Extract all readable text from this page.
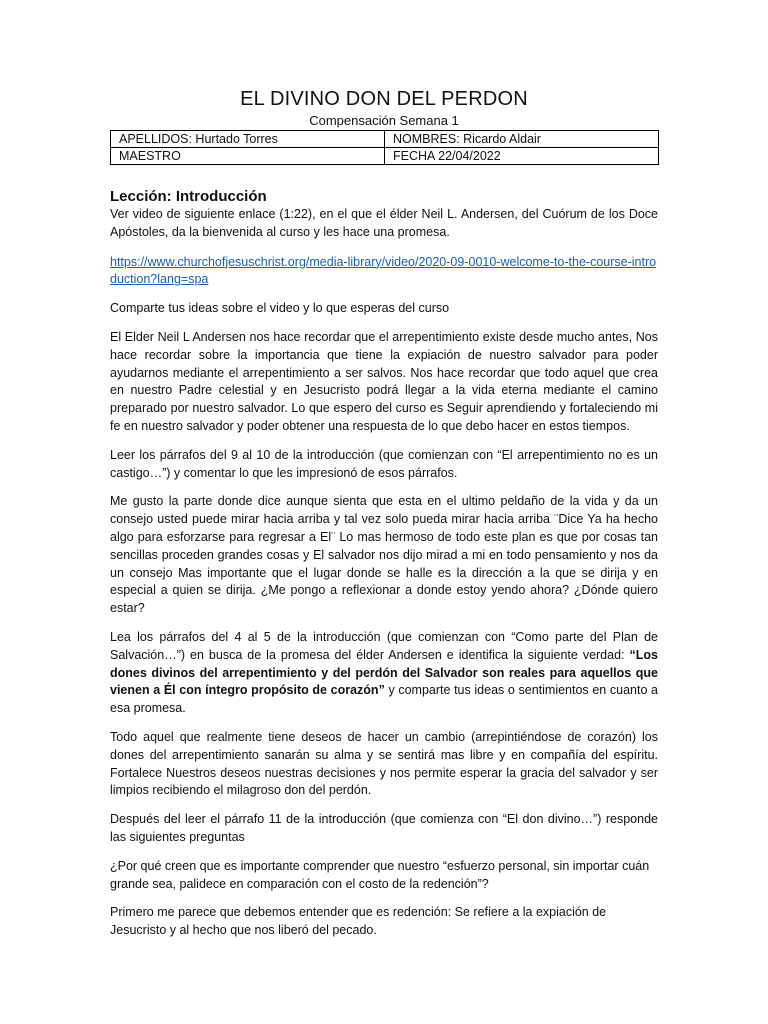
EL DIVINO DON DEL PERDON
Compensación Semana 1
APELLIDOS: Hurtado Torres	NOMBRES: Ricardo Aldair
MAESTRO	FECHA 22/04/2022
Lección: Introducción

Ver video de siguiente enlace (1:22), en el que el élder Neil L. Andersen, del Cuórum de los Doce Apóstoles, da la bienvenida al curso y les hace una promesa.

https://www.churchofjesuschrist.org/media-library/video/2020-09-0010-welcome-to-the-course-introduction?lang=spa

Comparte tus ideas sobre el video y lo que esperas del curso

El Elder Neil L Andersen nos hace recordar que el arrepentimiento existe desde mucho antes, Nos hace recordar sobre la importancia que tiene la expiación de nuestro salvador para poder ayudarnos mediante el arrepentimiento a ser salvos. Nos hace recordar que todo aquel que crea en nuestro Padre celestial y en Jesucristo podrá llegar a la vida eterna mediante el camino preparado por nuestro salvador. Lo que espero del curso es Seguir aprendiendo y fortaleciendo mi fe en nuestro salvador y poder obtener una respuesta de lo que debo hacer en estos tiempos.

Leer los párrafos del 9 al 10 de la introducción (que comienzan con “El arrepentimiento no es un castigo…”) y comentar lo que les impresionó de esos párrafos.

Me gusto la parte donde dice aunque sienta que esta en el ultimo peldaño de la vida y da un consejo usted puede mirar hacia arriba y tal vez solo pueda mirar hacia arriba ¨Dice Ya ha hecho algo para esforzarse para regresar a El¨ Lo mas hermoso de todo este plan es que por cosas tan sencillas proceden grandes cosas y El salvador nos dijo mirad a mi en todo pensamiento y nos da un consejo Mas importante que el lugar donde se halle es la dirección a la que se dirija y en especial a quien se dirija. ¿Me pongo a reflexionar a donde estoy yendo ahora? ¿Dónde quiero estar?

Lea los párrafos del 4 al 5 de la introducción (que comienzan con “Como parte del Plan de Salvación…”) en busca de la promesa del élder Andersen e identifica la siguiente verdad: “Los dones divinos del arrepentimiento y del perdón del Salvador son reales para aquellos que vienen a Él con íntegro propósito de corazón” y comparte tus ideas o sentimientos en cuanto a esa promesa.

Todo aquel que realmente tiene deseos de hacer un cambio (arrepintiéndose de corazón) los dones del arrepentimiento sanarán su alma y se sentirá mas libre y en compañía del espíritu. Fortalece Nuestros deseos nuestras decisiones y nos permite esperar la gracia del salvador y ser limpios recibiendo el milagroso don del perdón.

Después del leer el párrafo 11 de la introducción (que comienza con “El don divino…”) responde las siguientes preguntas

¿Por qué creen que es importante comprender que nuestro “esfuerzo personal, sin importar cuán grande sea, palidece en comparación con el costo de la redención”?

Primero me parece que debemos entender que es redención: Se refiere a la expiación de Jesucristo y al hecho que nos liberó del pecado.
